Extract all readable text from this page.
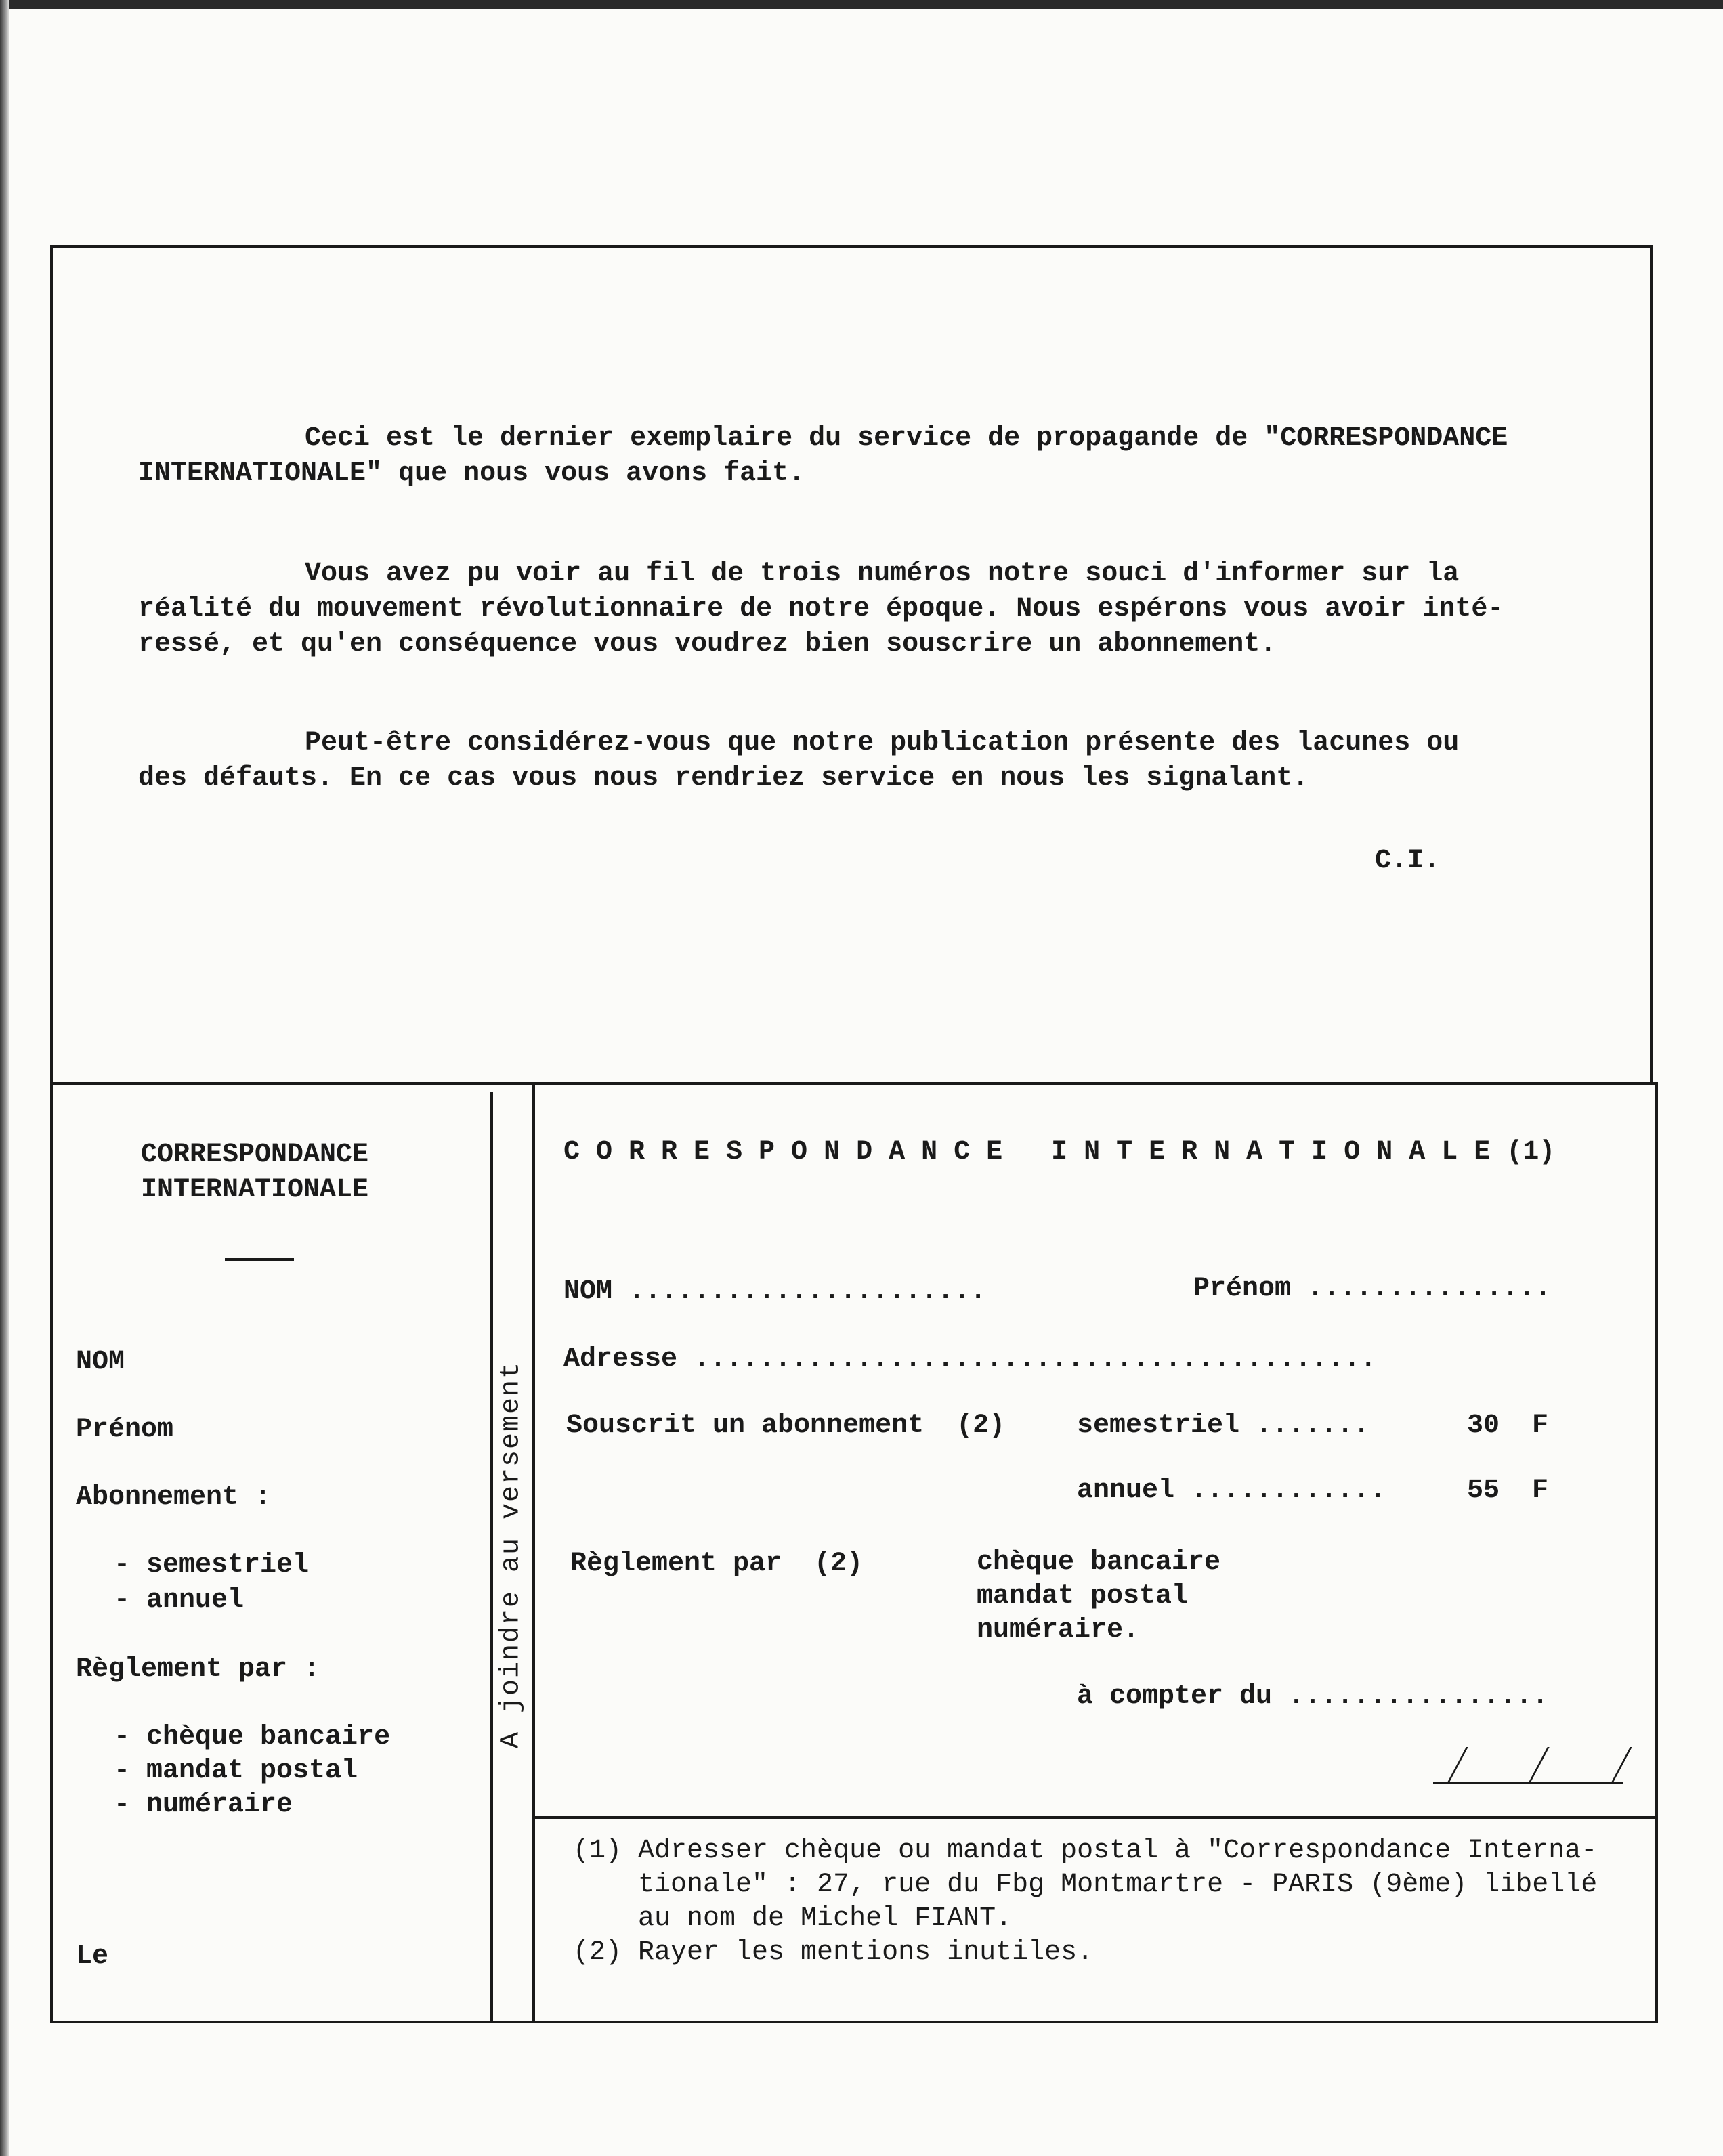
Ceci est le dernier exemplaire du service de propagande de "CORRESPONDANCE

INTERNATIONALE" que nous vous avons fait.

Vous avez pu voir au fil de trois numéros notre souci d'informer sur la

réalité du mouvement révolutionnaire de notre époque. Nous espérons vous avoir inté-

ressé, et qu'en conséquence vous voudrez bien souscrire un abonnement.

Peut-être considérez-vous que notre publication présente des lacunes ou

des défauts. En ce cas vous nous rendriez service en nous les signalant.

C.I.

A joindre au versement

CORRESPONDANCE

INTERNATIONALE

NOM

Prénom

Abonnement :

- semestriel

- annuel

Règlement par :

- chèque bancaire

- mandat postal

- numéraire

Le

C O R R E S P O N D A N C E   I N T E R N A T I O N A L E (1)

NOM ......................	Prénom ...............

Adresse ..........................................

Souscrit un abonnement  (2)	semestriel .......	30  F

annuel ............	55  F

Règlement par  (2)	chèque bancaire

mandat postal

numéraire.

à compter du ................

(1) Adresser chèque ou mandat postal à "Correspondance Interna-

tionale" : 27, rue du Fbg Montmartre - PARIS (9ème) libellé

au nom de Michel FIANT.

(2) Rayer les mentions inutiles.
